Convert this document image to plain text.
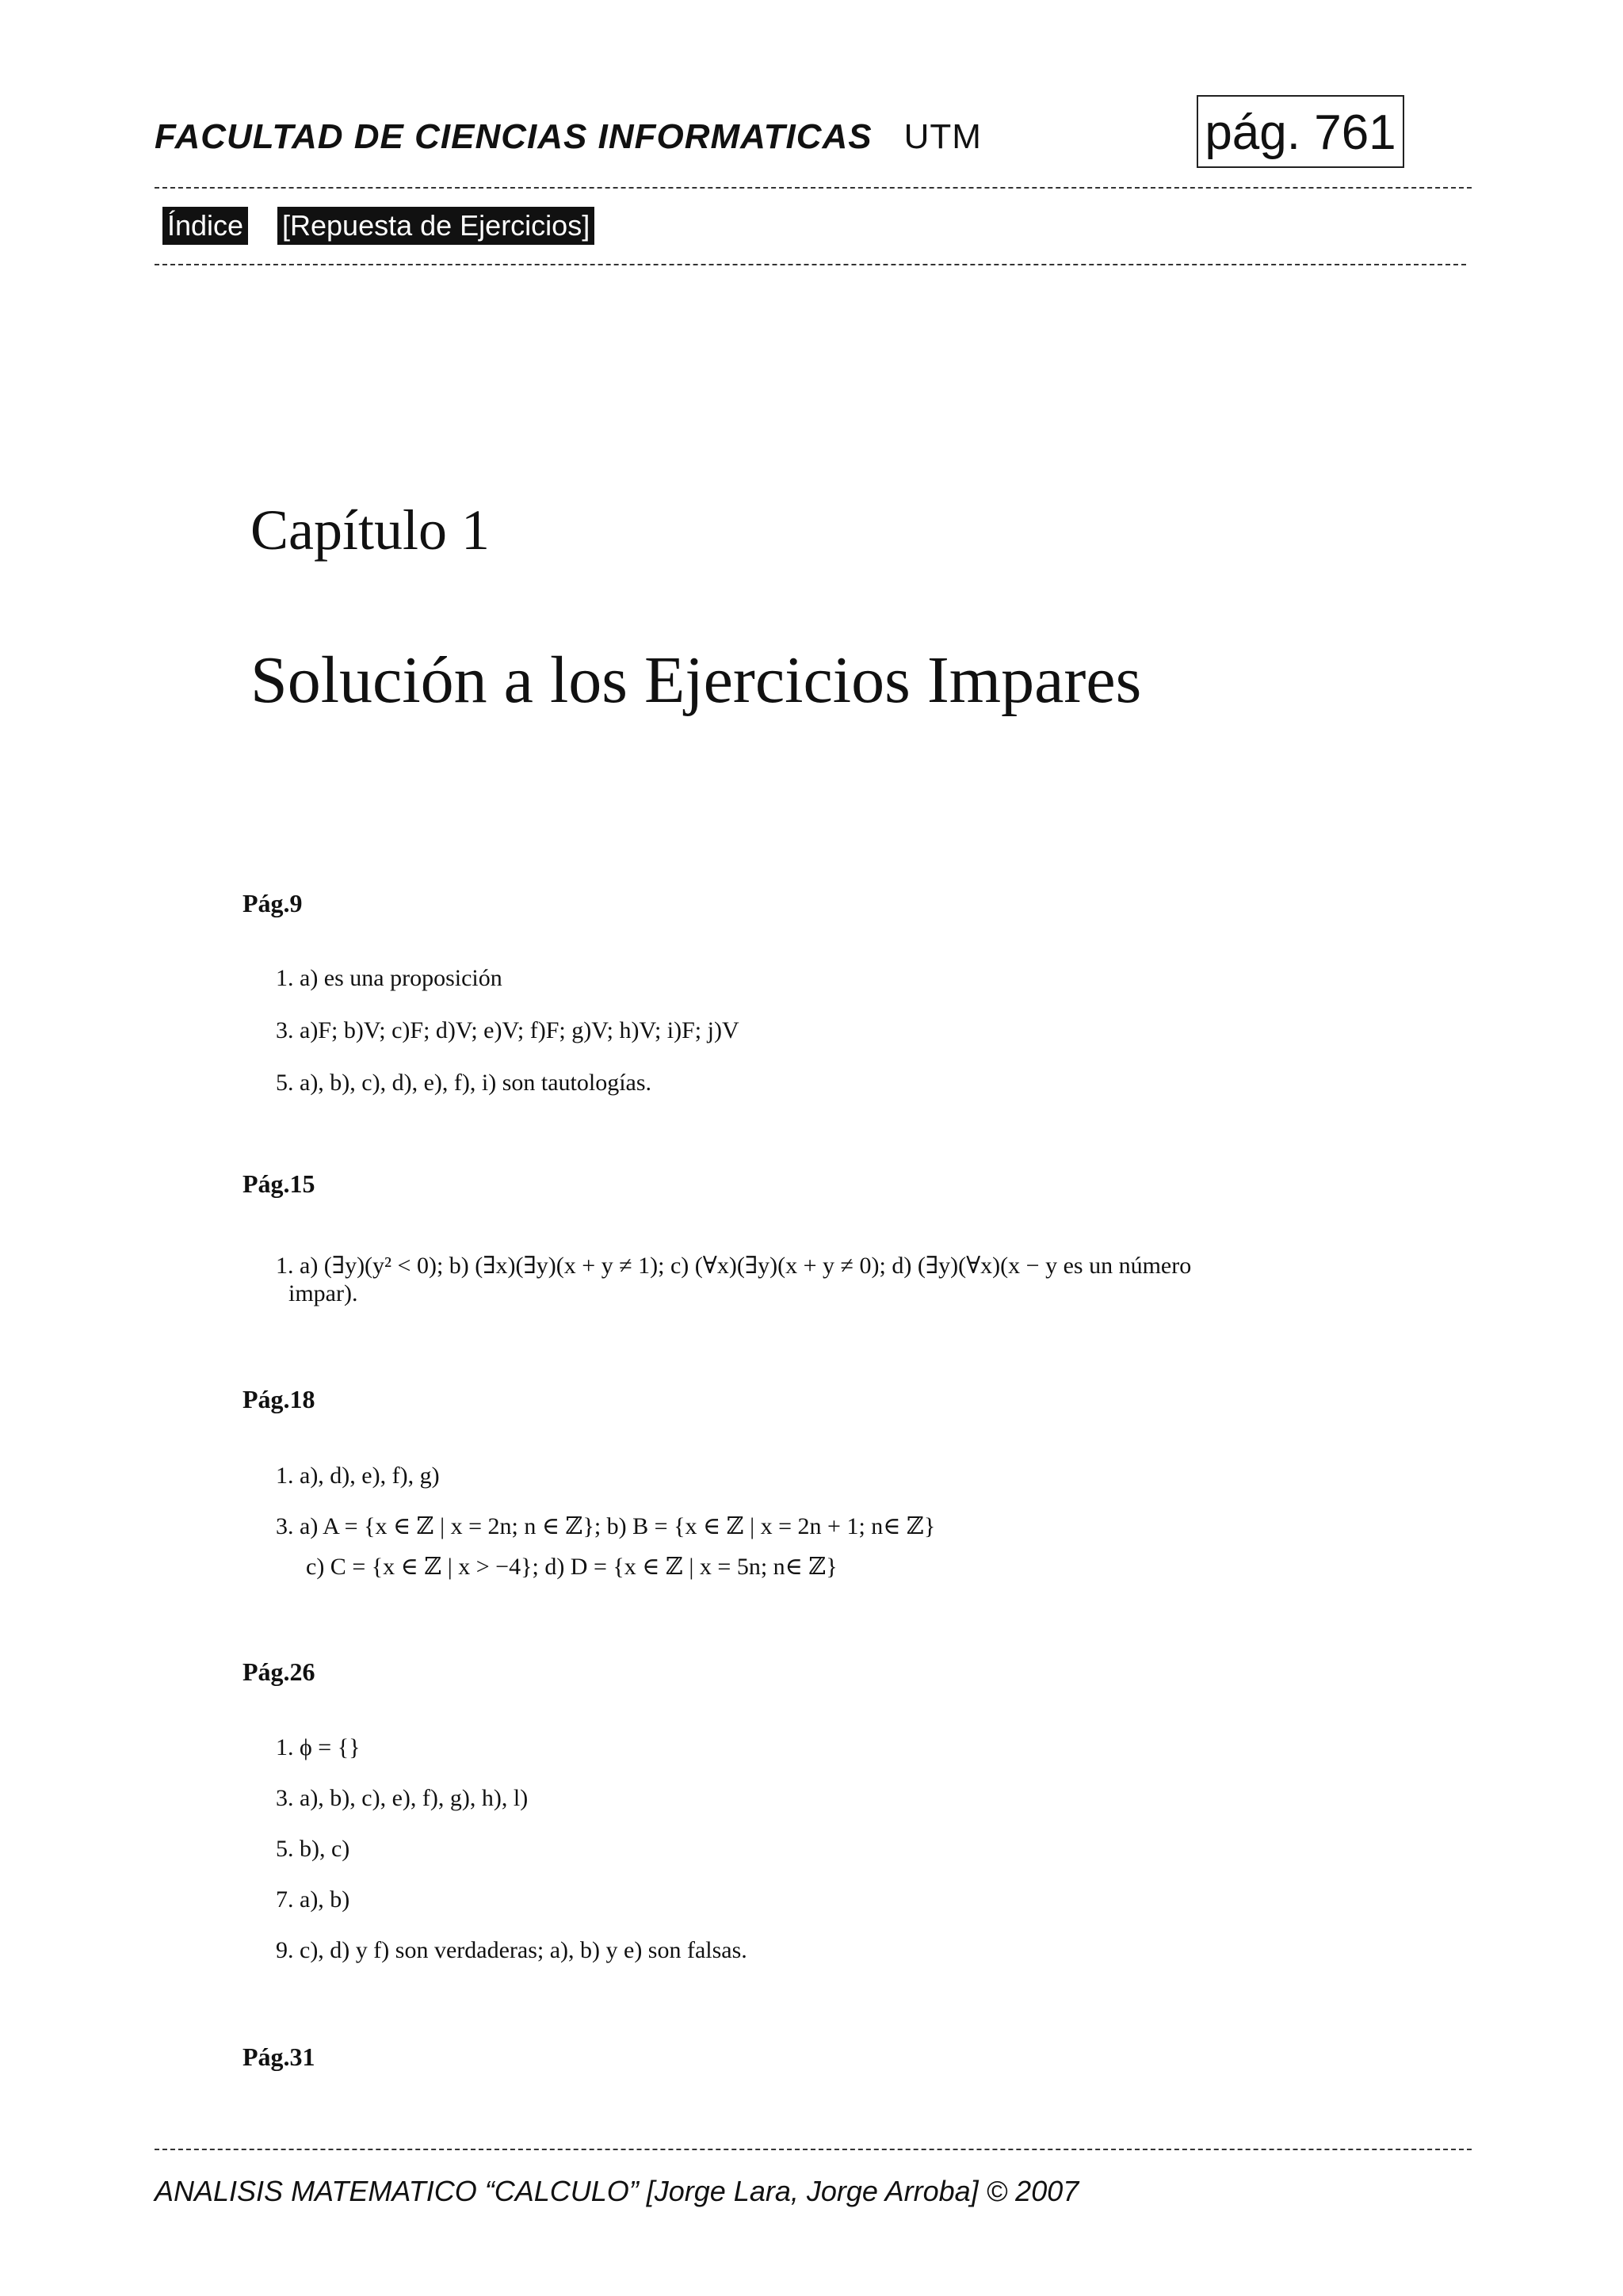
FACULTAD DE CIENCIAS INFORMATICAS UTM	pág. 761
Índice [Repuesta de Ejercicios]
Capítulo 1
Solución a los Ejercicios Impares
Pág.9
1. a) es una proposición
3. a)F; b)V; c)F; d)V; e)V; f)F; g)V; h)V; i)F; j)V
5. a), b), c), d), e), f), i) son tautologías.
Pág.15
1. a) (∃y)(y² < 0); b) (∃x)(∃y)(x + y ≠ 1); c) (∀x)(∃y)(x + y ≠ 0); d) (∃y)(∀x)(x − y es un número
impar).
Pág.18
1. a), d), e), f), g)
3. a) A = {x ∈ ℤ | x = 2n; n ∈ ℤ}; b) B = {x ∈ ℤ | x = 2n + 1; n∈ ℤ}
c) C = {x ∈ ℤ | x > −4}; d) D = {x ∈ ℤ | x = 5n; n∈ ℤ}
Pág.26
1. ϕ = {}
3. a), b), c), e), f), g), h), l)
5. b), c)
7. a), b)
9. c), d) y f) son verdaderas; a), b) y e) son falsas.
Pág.31
ANALISIS MATEMATICO “CALCULO” [Jorge Lara, Jorge Arroba] © 2007
